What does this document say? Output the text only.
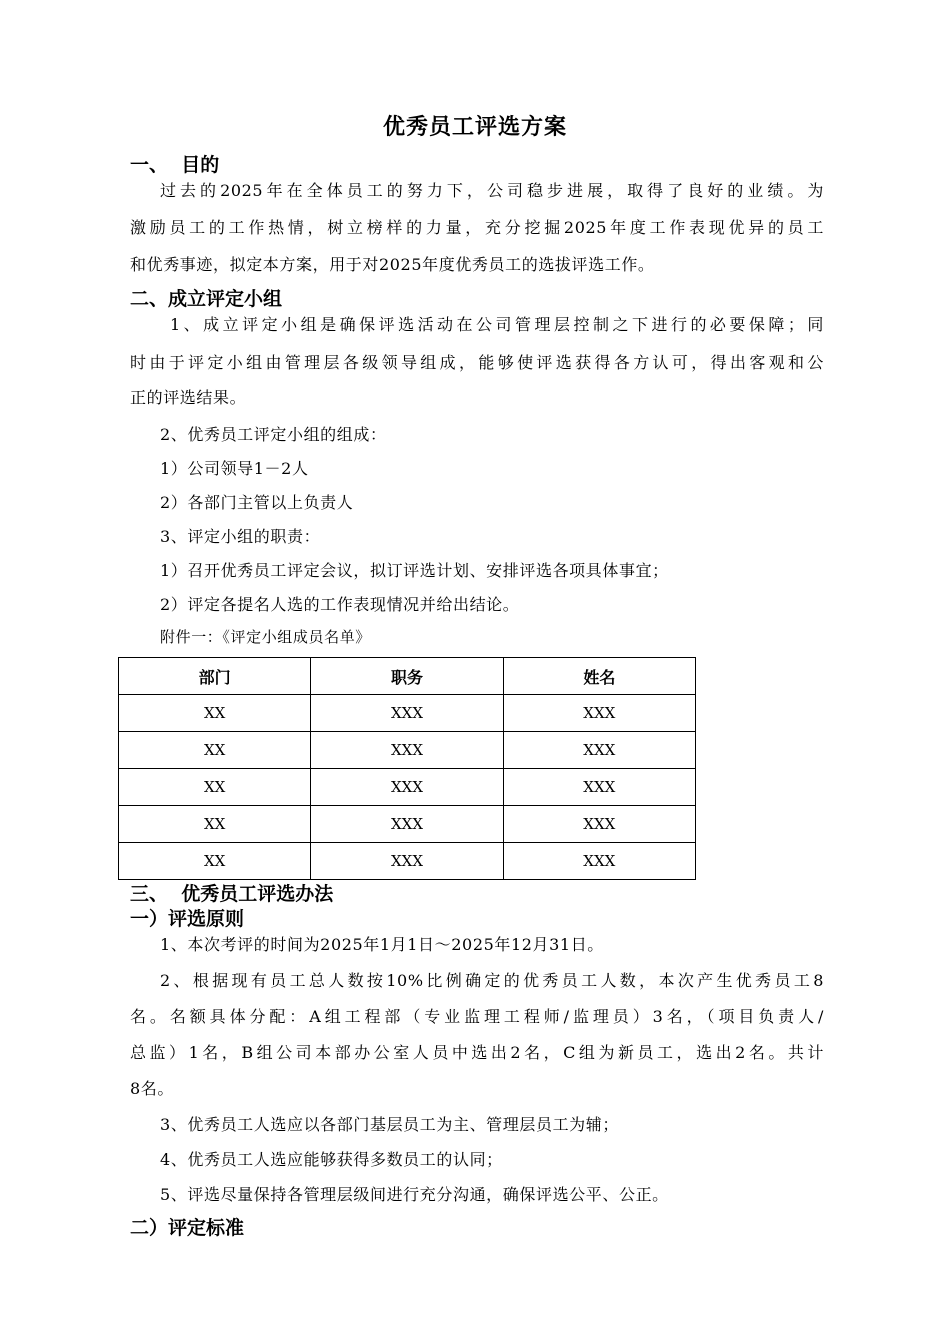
优秀员工评选方案
一、  目的
过去的2025年在全体员工的努力下，公司稳步进展，取得了良好的业绩。为
激励员工的工作热情，树立榜样的力量，充分挖掘2025年度工作表现优异的员工
和优秀事迹，拟定本方案，用于对2025年度优秀员工的选拔评选工作。
二、成立评定小组
1、成立评定小组是确保评选活动在公司管理层控制之下进行的必要保障；同
时由于评定小组由管理层各级领导组成，能够使评选获得各方认可，得出客观和公
正的评选结果。
2、优秀员工评定小组的组成：
1）公司领导1－2人
2）各部门主管以上负责人
3、评定小组的职责：
1）召开优秀员工评定会议，拟订评选计划、安排评选各项具体事宜；
2）评定各提名人选的工作表现情况并给出结论。
附件一：《评定小组成员名单》
部门	职务	姓名
XX	XXX	XXX
XX	XXX	XXX
XX	XXX	XXX
XX	XXX	XXX
XX	XXX	XXX
三、  优秀员工评选办法
一）评选原则
1、本次考评的时间为2025年1月1日～2025年12月31日。
2、根据现有员工总人数按10%比例确定的优秀员工人数，本次产生优秀员工8
名。名额具体分配：A组工程部（专业监理工程师/监理员）3名，（项目负责人/
总监）1名，B组公司本部办公室人员中选出2名，C组为新员工，选出2名。共计
8名。
3、优秀员工人选应以各部门基层员工为主、管理层员工为辅；
4、优秀员工人选应能够获得多数员工的认同；
5、评选尽量保持各管理层级间进行充分沟通，确保评选公平、公正。
二）评定标准
